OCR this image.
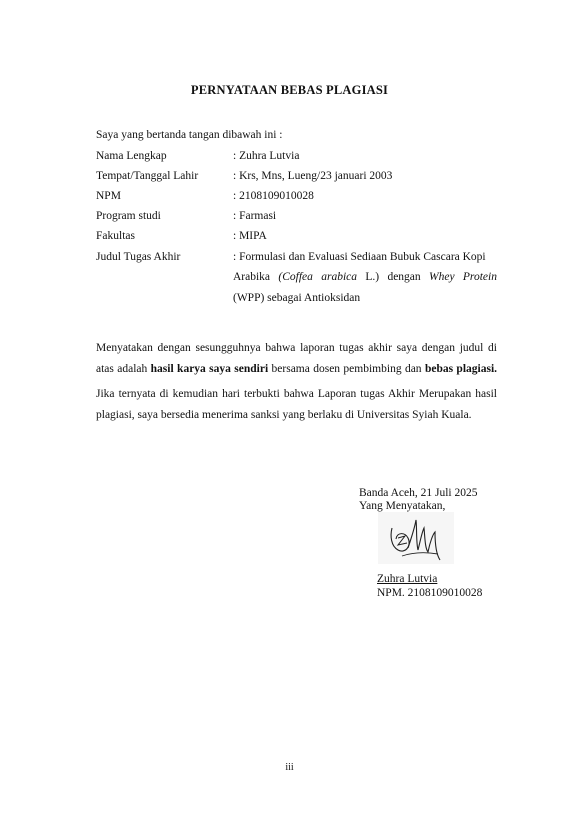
PERNYATAAN BEBAS PLAGIASI
Saya yang bertanda tangan dibawah ini :
Nama Lengkap	: Zuhra Lutvia
Tempat/Tanggal Lahir	: Krs, Mns, Lueng/23 januari 2003
NPM	: 2108109010028
Program studi	: Farmasi
Fakultas	: MIPA
Judul Tugas Akhir	: Formulasi dan Evaluasi Sediaan Bubuk Cascara Kopi
Arabika (Coffea arabica L.) dengan Whey Protein
(WPP) sebagai Antioksidan
Menyatakan dengan sesungguhnya bahwa laporan tugas akhir saya dengan judul di
atas adalah hasil karya saya sendiri bersama dosen pembimbing dan bebas plagiasi.
Jika ternyata di kemudian hari terbukti bahwa Laporan tugas Akhir Merupakan hasil
plagiasi, saya bersedia menerima sanksi yang berlaku di Universitas Syiah Kuala.
Banda Aceh, 21 Juli 2025
Yang Menyatakan,
Zuhra Lutvia
NPM. 2108109010028
iii
